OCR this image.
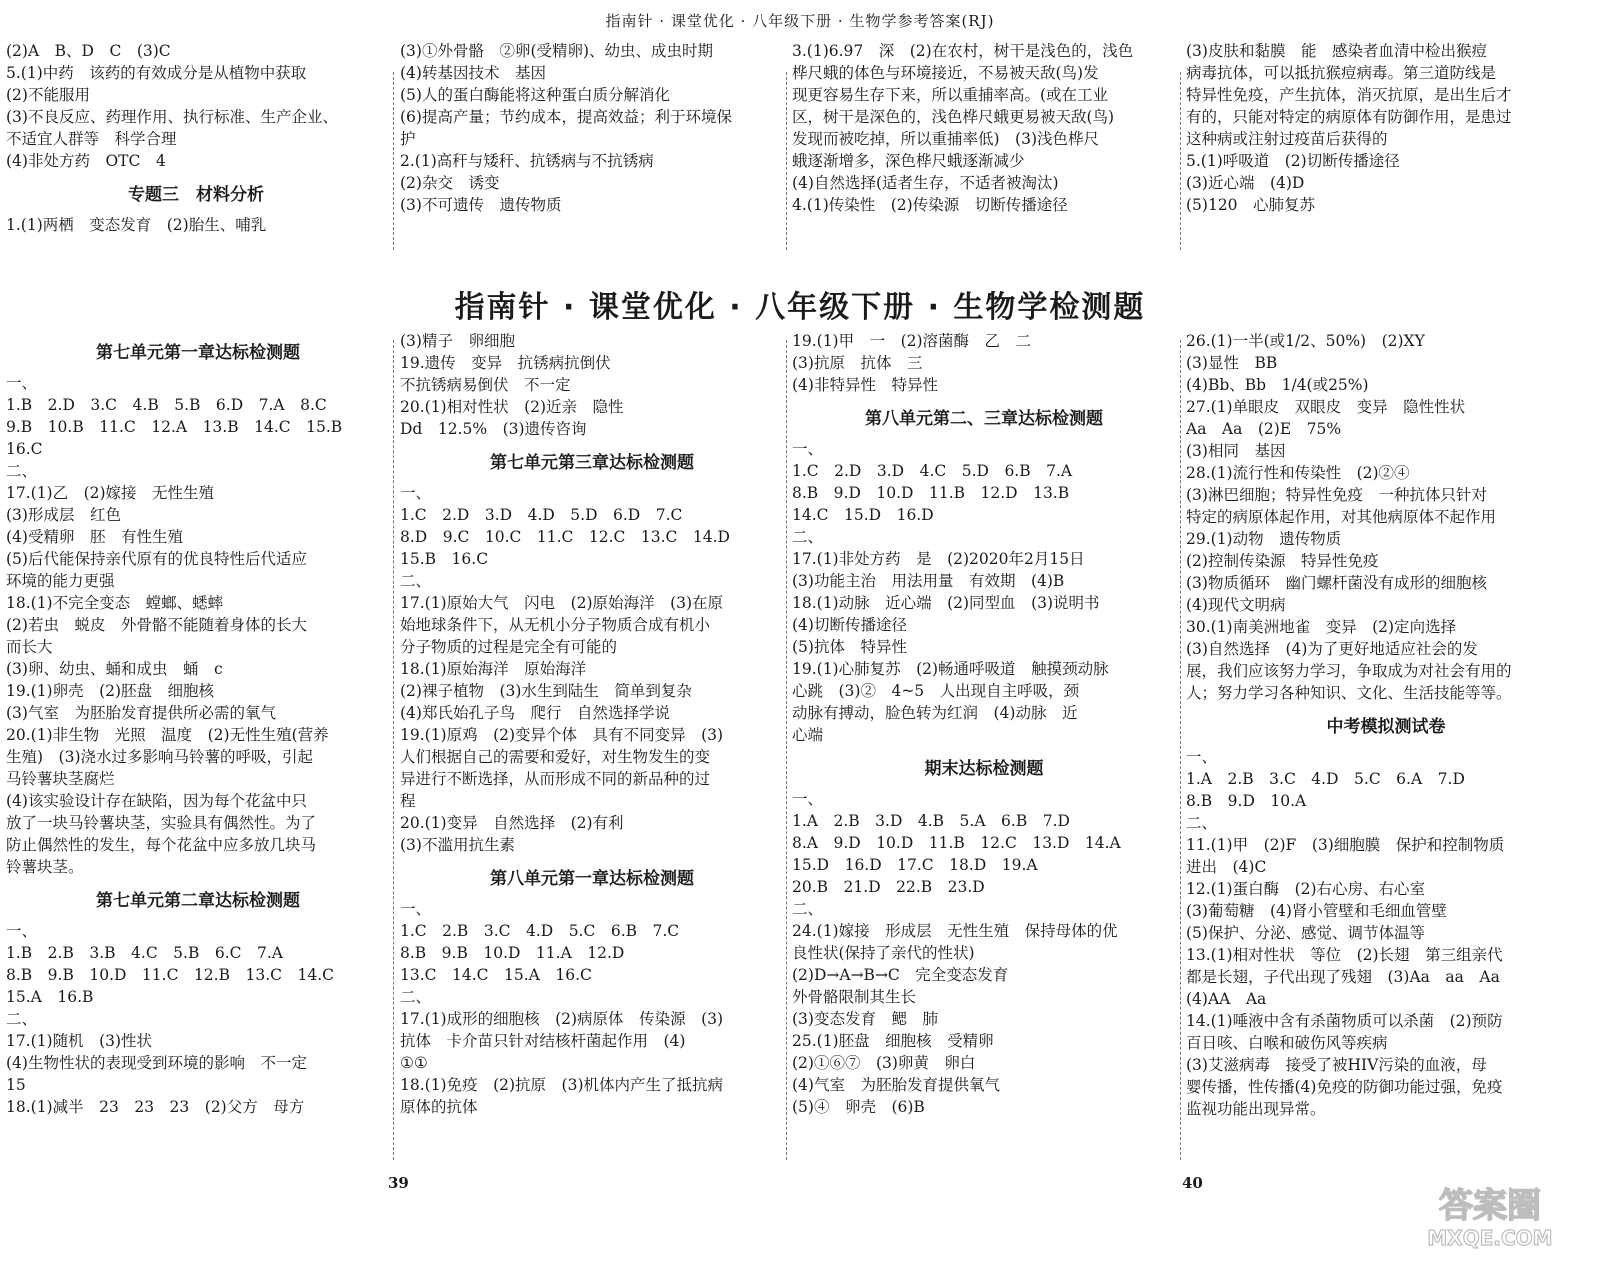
指南针 · 课堂优化 · 八年级下册 · 生物学参考答案(RJ)
(2)A　B、D　C　(3)C
5.(1)中药　该药的有效成分是从植物中获取
(2)不能服用
(3)不良反应、药理作用、执行标准、生产企业、
不适宜人群等　科学合理
(4)非处方药　OTC　4
专题三　材料分析
1.(1)两栖　变态发育　(2)胎生、哺乳
(3)①外骨骼　②卵(受精卵)、幼虫、成虫时期
(4)转基因技术　基因
(5)人的蛋白酶能将这种蛋白质分解消化
(6)提高产量；节约成本，提高效益；利于环境保
护
2.(1)高秆与矮秆、抗锈病与不抗锈病
(2)杂交　诱变
(3)不可遗传　遗传物质
3.(1)6.97　深　(2)在农村，树干是浅色的，浅色
桦尺蛾的体色与环境接近，不易被天敌(鸟)发
现更容易生存下来，所以重捕率高。(或在工业
区，树干是深色的，浅色桦尺蛾更易被天敌(鸟)
发现而被吃掉，所以重捕率低)　(3)浅色桦尺
蛾逐渐增多，深色桦尺蛾逐渐减少
(4)自然选择(适者生存，不适者被淘汰)
4.(1)传染性　(2)传染源　切断传播途径
(3)皮肤和黏膜　能　感染者血清中检出猴痘
病毒抗体，可以抵抗猴痘病毒。第三道防线是
特异性免疫，产生抗体，消灭抗原，是出生后才
有的，只能对特定的病原体有防御作用，是患过
这种病或注射过疫苗后获得的
5.(1)呼吸道　(2)切断传播途径
(3)近心端　(4)D
(5)120　心肺复苏
指南针 · 课堂优化 · 八年级下册 · 生物学检测题
第七单元第一章达标检测题
一、
1.B　2.D　3.C　4.B　5.B　6.D　7.A　8.C
9.B　10.B　11.C　12.A　13.B　14.C　15.B
16.C
二、
17.(1)乙　(2)嫁接　无性生殖
(3)形成层　红色
(4)受精卵　胚　有性生殖
(5)后代能保持亲代原有的优良特性后代适应
环境的能力更强
18.(1)不完全变态　螳螂、蟋蟀
(2)若虫　蜕皮　外骨骼不能随着身体的长大
而长大
(3)卵、幼虫、蛹和成虫　蛹　c
19.(1)卵壳　(2)胚盘　细胞核
(3)气室　为胚胎发育提供所必需的氧气
20.(1)非生物　光照　温度　(2)无性生殖(营养
生殖)　(3)浇水过多影响马铃薯的呼吸，引起
马铃薯块茎腐烂
(4)该实验设计存在缺陷，因为每个花盆中只
放了一块马铃薯块茎，实验具有偶然性。为了
防止偶然性的发生，每个花盆中应多放几块马
铃薯块茎。
第七单元第二章达标检测题
一、
1.B　2.B　3.B　4.C　5.B　6.C　7.A
8.B　9.B　10.D　11.C　12.B　13.C　14.C
15.A　16.B
二、
17.(1)随机　(3)性状
(4)生物性状的表现受到环境的影响　不一定
15
18.(1)减半　23　23　23　(2)父方　母方
(3)精子　卵细胞
19.遗传　变异　抗锈病抗倒伏
不抗锈病易倒伏　不一定
20.(1)相对性状　(2)近亲　隐性
Dd　12.5%　(3)遗传咨询
第七单元第三章达标检测题
一、
1.C　2.D　3.D　4.D　5.D　6.D　7.C
8.D　9.C　10.C　11.C　12.C　13.C　14.D
15.B　16.C
二、
17.(1)原始大气　闪电　(2)原始海洋　(3)在原
始地球条件下，从无机小分子物质合成有机小
分子物质的过程是完全有可能的
18.(1)原始海洋　原始海洋
(2)裸子植物　(3)水生到陆生　简单到复杂
(4)郑氏始孔子鸟　爬行　自然选择学说
19.(1)原鸡　(2)变异个体　具有不同变异　(3)
人们根据自己的需要和爱好，对生物发生的变
异进行不断选择，从而形成不同的新品种的过
程
20.(1)变异　自然选择　(2)有利
(3)不滥用抗生素
第八单元第一章达标检测题
一、
1.C　2.B　3.C　4.D　5.C　6.B　7.C
8.B　9.B　10.D　11.A　12.D
13.C　14.C　15.A　16.C
二、
17.(1)成形的细胞核　(2)病原体　传染源　(3)
抗体　卡介苗只针对结核杆菌起作用　(4)
①①
18.(1)免疫　(2)抗原　(3)机体内产生了抵抗病
原体的抗体
19.(1)甲　一　(2)溶菌酶　乙　二
(3)抗原　抗体　三
(4)非特异性　特异性
第八单元第二、三章达标检测题
一、
1.C　2.D　3.D　4.C　5.D　6.B　7.A
8.B　9.D　10.D　11.B　12.D　13.B
14.C　15.D　16.D
二、
17.(1)非处方药　是　(2)2020年2月15日
(3)功能主治　用法用量　有效期　(4)B
18.(1)动脉　近心端　(2)同型血　(3)说明书
(4)切断传播途径
(5)抗体　特异性
19.(1)心肺复苏　(2)畅通呼吸道　触摸颈动脉
心跳　(3)②　4~5　人出现自主呼吸，颈
动脉有搏动，脸色转为红润　(4)动脉　近
心端
期末达标检测题
一、
1.A　2.B　3.D　4.B　5.A　6.B　7.D
8.A　9.D　10.D　11.B　12.C　13.D　14.A
15.D　16.D　17.C　18.D　19.A
20.B　21.D　22.B　23.D
二、
24.(1)嫁接　形成层　无性生殖　保持母体的优
良性状(保持了亲代的性状)
(2)D→A→B→C　完全变态发育
外骨骼限制其生长
(3)变态发育　鳃　肺
25.(1)胚盘　细胞核　受精卵
(2)①⑥⑦　(3)卵黄　卵白
(4)气室　为胚胎发育提供氧气
(5)④　卵壳　(6)B
26.(1)一半(或1/2、50%)　(2)XY
(3)显性　BB
(4)Bb、Bb　1/4(或25%)
27.(1)单眼皮　双眼皮　变异　隐性性状
Aa　Aa　(2)E　75%
(3)相同　基因
28.(1)流行性和传染性　(2)②④
(3)淋巴细胞；特异性免疫　一种抗体只针对
特定的病原体起作用，对其他病原体不起作用
29.(1)动物　遗传物质
(2)控制传染源　特异性免疫
(3)物质循环　幽门螺杆菌没有成形的细胞核
(4)现代文明病
30.(1)南美洲地雀　变异　(2)定向选择
(3)自然选择　(4)为了更好地适应社会的发
展，我们应该努力学习，争取成为对社会有用的
人；努力学习各种知识、文化、生活技能等等。
中考模拟测试卷
一、
1.A　2.B　3.C　4.D　5.C　6.A　7.D
8.B　9.D　10.A
二、
11.(1)甲　(2)F　(3)细胞膜　保护和控制物质
进出　(4)C
12.(1)蛋白酶　(2)右心房、右心室
(3)葡萄糖　(4)肾小管壁和毛细血管壁
(5)保护、分泌、感觉、调节体温等
13.(1)相对性状　等位　(2)长翅　第三组亲代
都是长翅，子代出现了残翅　(3)Aa　aa　Aa
(4)AA　Aa
14.(1)唾液中含有杀菌物质可以杀菌　(2)预防
百日咳、白喉和破伤风等疾病
(3)艾滋病毒　接受了被HIV污染的血液，母
婴传播，性传播(4)免疫的防御功能过强，免疫
监视功能出现异常。
39	40
答案圈
MXQE.COM
